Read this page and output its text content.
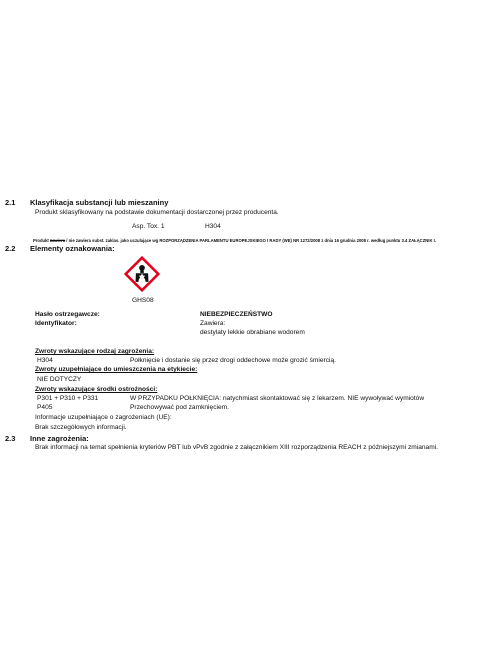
2.1 Klasyfikacja substancji lub mieszaniny
Produkt sklasyfikowany na podstawie dokumentacji dostarczonej przez producenta.
Asp. Tox. 1	H304
Produkt zawiera / nie zawiera subst. zaklas. jako uczulające wg ROZPORZĄDZENIA PARLAMENTU EUROPEJSKIEGO I RADY (WE) NR 1272/2008 z dnia 16 grudnia 2008 r. według punktu 3.4 ZAŁĄCZNIK I.
2.2 Elementy oznakowania:
GHS08
Hasło ostrzegawcze:	NIEBEZPIECZEŃSTWO
Identyfikator:	Zawiera:
destylaty lekkie obrabiane wodorem
Zwroty wskazujące rodzaj zagrożenia:
H304	Połknięcie i dostanie się przez drogi oddechowe może grozić śmiercią.
Zwroty uzupełniające do umieszczenia na etykiecie:
NIE DOTYCZY
Zwroty wskazujące środki ostrożności:
P301 + P310 + P331	W PRZYPADKU POŁKNIĘCIA: natychmiast skontaktować się z lekarzem. NIE wywoływać wymiotów
P405	Przechowywać pod zamknięciem.
Informacje uzupełniające o zagrożeniach (UE):
Brak szczegółowych informacji.
2.3 Inne zagrożenia:
Brak informacji na temat spełnienia kryteriów PBT lub vPvB zgodnie z załącznikiem XIII rozporządzenia REACH z późniejszymi zmianami.
